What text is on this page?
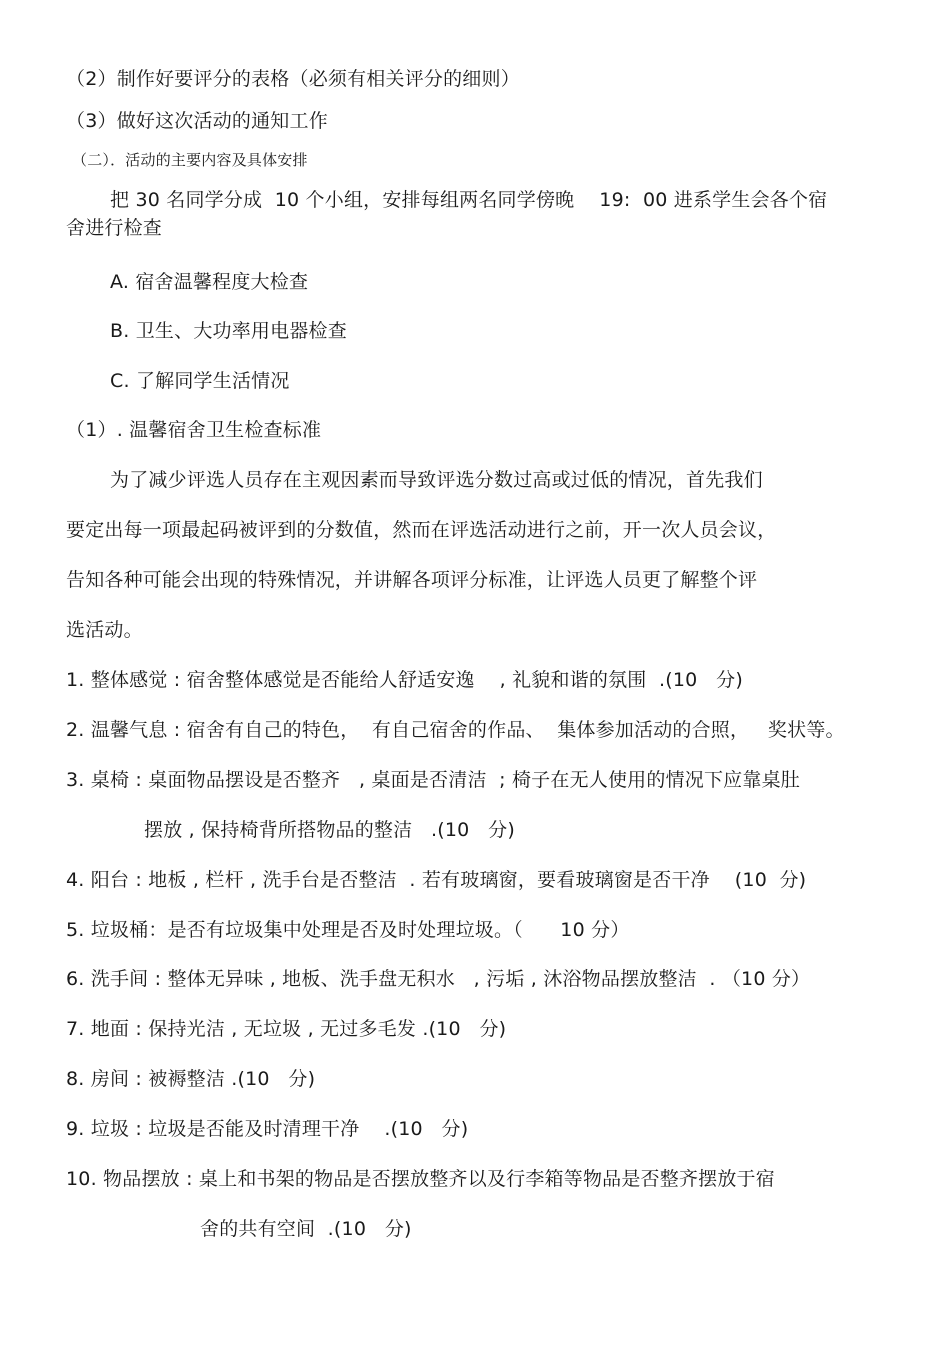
（2）制作好要评分的表格（必须有相关评分的细则）
（3）做好这次活动的通知工作
（二）．活动的主要内容及具体安排
把 30 名同学分成  10 个小组，安排每组两名同学傍晚    19:  00 进系学生会各个宿
舍进行检查
A. 宿舍温馨程度大检查
B. 卫生、大功率用电器检查
C. 了解同学生活情况
（1）. 温馨宿舍卫生检查标准
为了减少评选人员存在主观因素而导致评选分数过高或过低的情况，首先我们
要定出每一项最起码被评到的分数值，然而在评选活动进行之前，开一次人员会议，
告知各种可能会出现的特殊情况，并讲解各项评分标准，让评选人员更了解整个评
选活动。
1. 整体感觉 : 宿舍整体感觉是否能给人舒适安逸    , 礼貌和谐的氛围  .(10   分)
2. 温馨气息 : 宿舍有自己的特色，  有自己宿舍的作品、  集体参加活动的合照，   奖状等。
3. 桌椅 : 桌面物品摆设是否整齐   , 桌面是否清洁  ; 椅子在无人使用的情况下应靠桌肚
摆放 , 保持椅背所搭物品的整洁   .(10   分)
4. 阳台 : 地板 , 栏杆 , 洗手台是否整洁  . 若有玻璃窗，要看玻璃窗是否干净    (10  分)
5. 垃圾桶：是否有垃圾集中处理是否及时处理垃圾。（      10 分）
6. 洗手间 : 整体无异味 , 地板、洗手盘无积水   , 污垢 , 沐浴物品摆放整洁  . （10 分）
7. 地面 : 保持光洁 , 无垃圾 , 无过多毛发 .(10   分)
8. 房间 : 被褥整洁 .(10   分)
9. 垃圾 : 垃圾是否能及时清理干净    .(10   分)
10. 物品摆放 : 桌上和书架的物品是否摆放整齐以及行李箱等物品是否整齐摆放于宿
舍的共有空间  .(10   分)
